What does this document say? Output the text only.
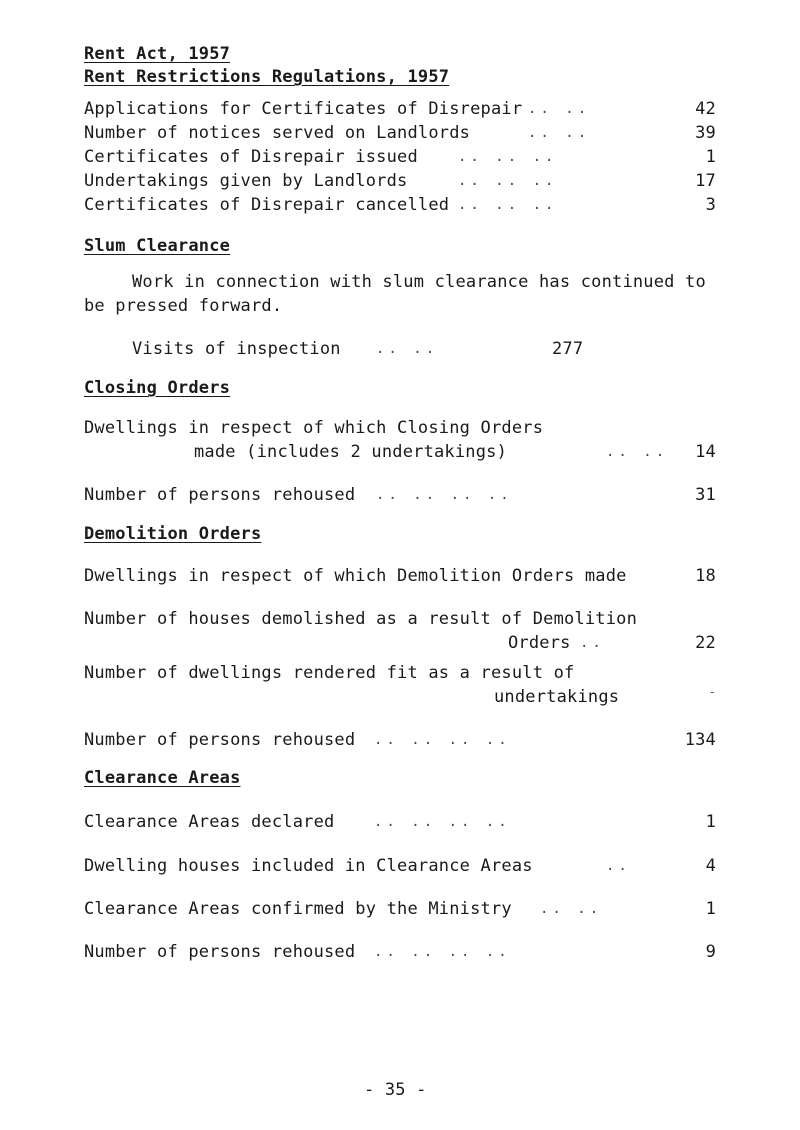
Rent Act, 1957
Rent Restrictions Regulations, 1957
Applications for Certificates of Disrepair .. ..	42
Number of notices served on Landlords	.. ..	39
Certificates of Disrepair issued	.. .. ..	1
Undertakings given by Landlords	.. .. ..	17
Certificates of Disrepair cancelled .. .. ..	3
Slum Clearance
Work in connection with slum clearance has continued to
be pressed forward.
Visits of inspection	.. ..	277
Closing Orders
Dwellings in respect of which Closing Orders
made (includes 2 undertakings)	.. ..	14
Number of persons rehoused .. .. .. ..	31
Demolition Orders
Dwellings in respect of which Demolition Orders made	18
Number of houses demolished as a result of Demolition
Orders ..	22
Number of dwellings rendered fit as a result of
undertakings	-
Number of persons rehoused .. .. .. ..	134
Clearance Areas
Clearance Areas declared	.. .. .. ..	1
Dwelling houses included in Clearance Areas	..	4
Clearance Areas confirmed by the Ministry .. ..	1
Number of persons rehoused .. .. .. ..	9
- 35 -
